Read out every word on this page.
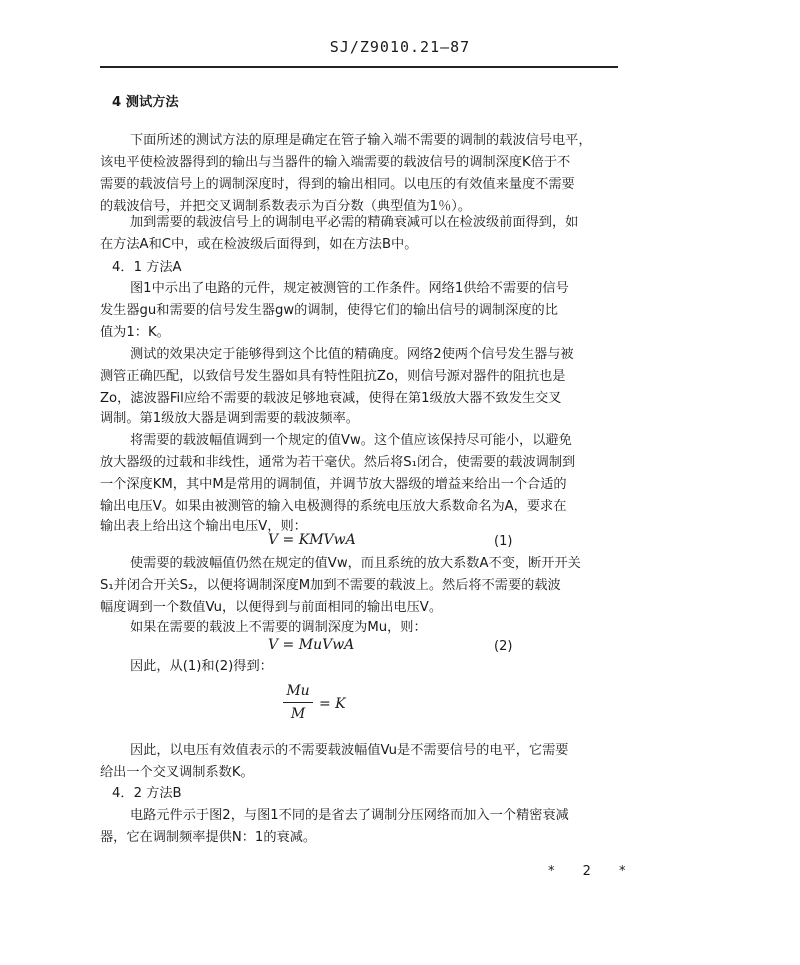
SJ/Z9010.21—87
4 测试方法
下面所述的测试方法的原理是确定在管子输入端不需要的调制的载波信号电平，
该电平使检波器得到的输出与当器件的输入端需要的载波信号的调制深度K倍于不
需要的载波信号上的调制深度时，得到的输出相同。以电压的有效值来量度不需要
的载波信号，并把交叉调制系数表示为百分数（典型值为1％）。
加到需要的载波信号上的调制电平必需的精确衰减可以在检波级前面得到，如
在方法A和C中，或在检波级后面得到，如在方法B中。
4．1 方法A
图1中示出了电路的元件，规定被测管的工作条件。网络1供给不需要的信号
发生器gu和需要的信号发生器gw的调制，使得它们的输出信号的调制深度的比
值为1：K。
测试的效果决定于能够得到这个比值的精确度。网络2使两个信号发生器与被
测管正确匹配，以致信号发生器如具有特性阻抗Zo，则信号源对器件的阻抗也是
Zo，滤波器Fil应给不需要的载波足够地衰减，使得在第1级放大器不致发生交叉
调制。第1级放大器是调到需要的载波频率。
将需要的载波幅值调到一个规定的值Vw。这个值应该保持尽可能小，以避免
放大器级的过载和非线性，通常为若干毫伏。然后将S₁闭合，使需要的载波调制到
一个深度KM，其中M是常用的调制值，并调节放大器级的增益来给出一个合适的
输出电压V。如果由被测管的输入电极测得的系统电压放大系数命名为A，要求在
输出表上给出这个输出电压V，则：
V = KMVwA	(1)
使需要的载波幅值仍然在规定的值Vw，而且系统的放大系数A不变，断开开关
S₁并闭合开关S₂，以便将调制深度M加到不需要的载波上。然后将不需要的载波
幅度调到一个数值Vu，以便得到与前面相同的输出电压V。
如果在需要的载波上不需要的调制深度为Mu，则：
V = MuVwA	(2)
因此，从(1)和(2)得到：
Mu
M
= K
因此，以电压有效值表示的不需要载波幅值Vu是不需要信号的电平，它需要
给出一个交叉调制系数K。
4．2 方法B
电路元件示于图2，与图1不同的是省去了调制分压网络而加入一个精密衰减
器，它在调制频率提供N：1的衰减。
* 2 *
